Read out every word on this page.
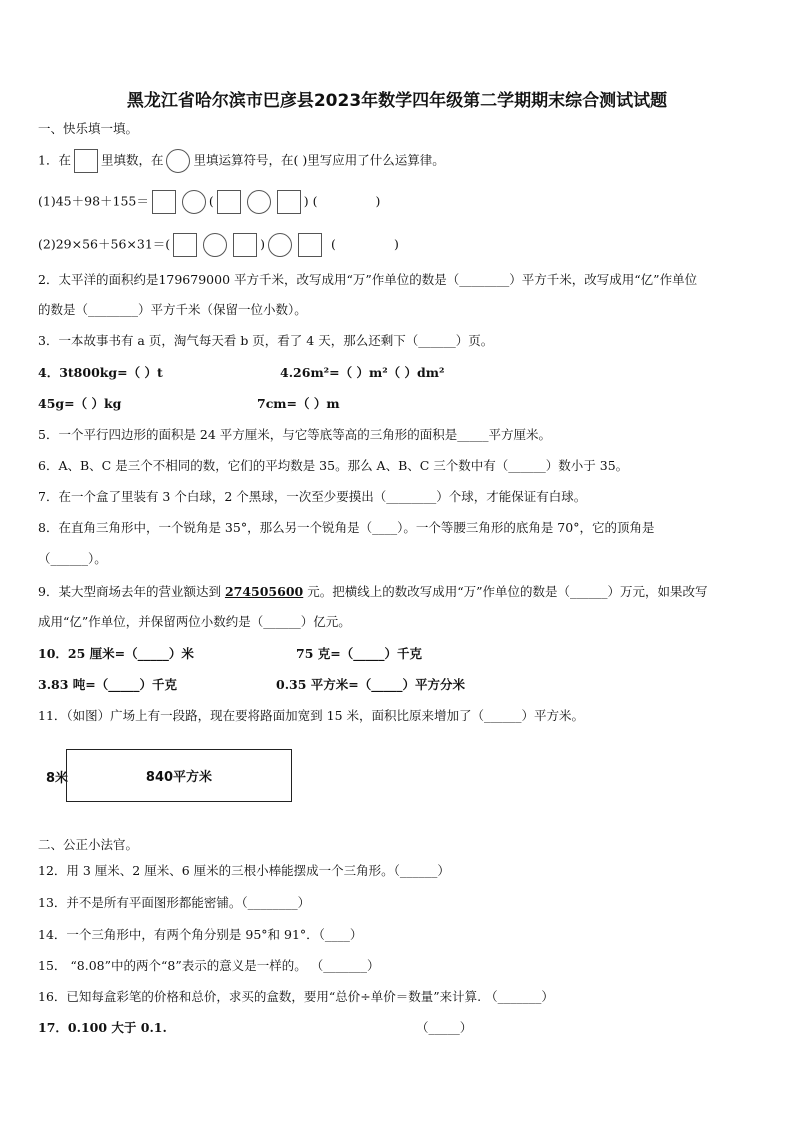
黑龙江省哈尔滨市巴彦县2023年数学四年级第二学期期末综合测试试题
一、快乐填一填。
1．在 里填数，在 里填运算符号，在( )里写应用了什么运算律。
(1)45＋98＋155＝	(	) (	)
(2)29×56＋56×31＝(	)	(	)
2．太平洋的面积约是179679000 平方千米，改写成用“万”作单位的数是（________）平方千米，改写成用“亿”作单位
的数是（________）平方千米（保留一位小数）。
3．一本故事书有 a 页，淘气每天看 b 页，看了 4 天，那么还剩下（______）页。
4．3t800kg=（ ）t	4.26m²=（ ）m²（ ）dm²
45g=（ ）kg	7cm=（ ）m
5．一个平行四边形的面积是 24 平方厘米，与它等底等高的三角形的面积是_____平方厘米。
6．A、B、C 是三个不相同的数，它们的平均数是 35。那么 A、B、C 三个数中有（______）数小于 35。
7．在一个盒了里装有 3 个白球，2 个黑球，一次至少要摸出（________）个球，才能保证有白球。
8．在直角三角形中，一个锐角是 35°，那么另一个锐角是（____）。一个等腰三角形的底角是 70°，它的顶角是
（______）。
9．某大型商场去年的营业额达到 274505600 元。把横线上的数改写成用“万”作单位的数是（______）万元，如果改写
成用“亿”作单位，并保留两位小数约是（______）亿元。
10．25 厘米=（_____）米	75 克=（_____）千克
3.83 吨=（_____）千克	0.35 平方米=（_____）平方分米
11．（如图）广场上有一段路，现在要将路面加宽到 15 米，面积比原来增加了（______）平方米。
8米	840平方米
二、公正小法官。
12．用 3 厘米、2 厘米、6 厘米的三根小棒能摆成一个三角形。（______）
13．并不是所有平面图形都能密铺。（________）
14．一个三角形中，有两个角分别是 95°和 91°．（____）
15． “8.08”中的两个“8”表示的意义是一样的。 （_______）
16．已知每盒彩笔的价格和总价，求买的盒数，要用“总价÷单价＝数量”来计算. （_______）
17．0.100 大于 0.1.	（_____）
